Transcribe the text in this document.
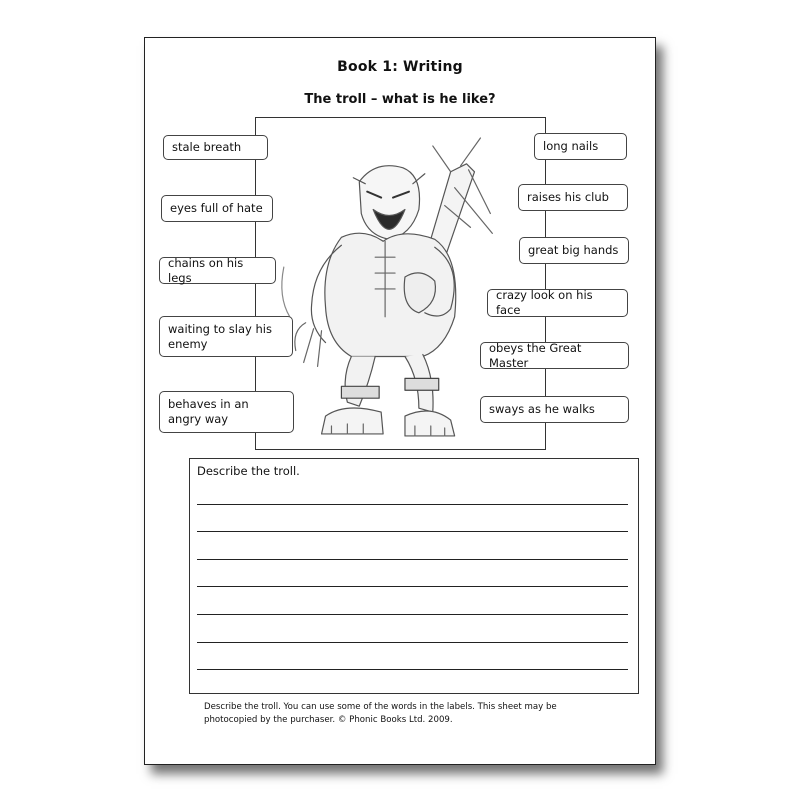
Book 1: Writing
The troll – what is he like?
stale breath
eyes full of hate
chains on his legs
waiting to slay his enemy
behaves in an angry way
long nails
raises his club
great big hands
crazy look on his face
obeys the Great Master
sways as he walks
Describe the troll.
Describe the troll. You can use some of the words in the labels. This sheet may be photocopied by the purchaser. © Phonic Books Ltd. 2009.
